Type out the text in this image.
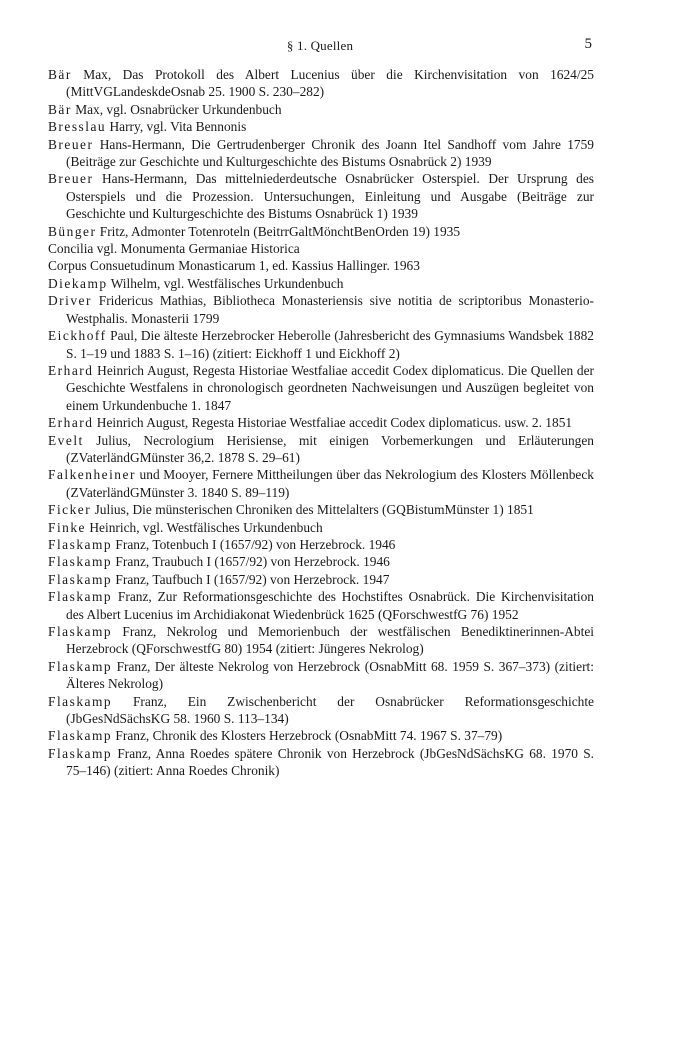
§ 1. Quellen	5

Bär Max, Das Protokoll des Albert Lucenius über die Kirchenvisitation von 1624/25 (MittVGLandeskdeOsnab 25. 1900 S. 230–282)

Bär Max, vgl. Osnabrücker Urkundenbuch

Bresslau Harry, vgl. Vita Bennonis

Breuer Hans-Hermann, Die Gertrudenberger Chronik des Joann Itel Sandhoff vom Jahre 1759 (Beiträge zur Geschichte und Kulturgeschichte des Bistums Osnabrück 2) 1939

Breuer Hans-Hermann, Das mittelniederdeutsche Osnabrücker Osterspiel. Der Ursprung des Osterspiels und die Prozession. Untersuchungen, Einleitung und Ausgabe (Beiträge zur Geschichte und Kulturgeschichte des Bistums Osnabrück 1) 1939

Bünger Fritz, Admonter Totenroteln (BeitrrGaltMönchtBenOrden 19) 1935

Concilia vgl. Monumenta Germaniae Historica

Corpus Consuetudinum Monasticarum 1, ed. Kassius Hallinger. 1963

Diekamp Wilhelm, vgl. Westfälisches Urkundenbuch

Driver Fridericus Mathias, Bibliotheca Monasteriensis sive notitia de scriptoribus Monasterio-Westphalis. Monasterii 1799

Eickhoff Paul, Die älteste Herzebrocker Heberolle (Jahresbericht des Gymnasiums Wandsbek 1882 S. 1–19 und 1883 S. 1–16) (zitiert: Eickhoff 1 und Eickhoff 2)

Erhard Heinrich August, Regesta Historiae Westfaliae accedit Codex diplomaticus. Die Quellen der Geschichte Westfalens in chronologisch geordneten Nachweisungen und Auszügen begleitet von einem Urkundenbuche 1. 1847

Erhard Heinrich August, Regesta Historiae Westfaliae accedit Codex diplomaticus. usw. 2. 1851

Evelt Julius, Necrologium Herisiense, mit einigen Vorbemerkungen und Erläuterungen (ZVaterländGMünster 36,2. 1878 S. 29–61)

Falkenheiner und Mooyer, Fernere Mittheilungen über das Nekrologium des Klosters Möllenbeck (ZVaterländGMünster 3. 1840 S. 89–119)

Ficker Julius, Die münsterischen Chroniken des Mittelalters (GQBistumMünster 1) 1851

Finke Heinrich, vgl. Westfälisches Urkundenbuch

Flaskamp Franz, Totenbuch I (1657/92) von Herzebrock. 1946

Flaskamp Franz, Traubuch I (1657/92) von Herzebrock. 1946

Flaskamp Franz, Taufbuch I (1657/92) von Herzebrock. 1947

Flaskamp Franz, Zur Reformationsgeschichte des Hochstiftes Osnabrück. Die Kirchenvisitation des Albert Lucenius im Archidiakonat Wiedenbrück 1625 (QForschwestfG 76) 1952

Flaskamp Franz, Nekrolog und Memorienbuch der westfälischen Benediktinerinnen-Abtei Herzebrock (QForschwestfG 80) 1954 (zitiert: Jüngeres Nekrolog)

Flaskamp Franz, Der älteste Nekrolog von Herzebrock (OsnabMitt 68. 1959 S. 367–373) (zitiert: Älteres Nekrolog)

Flaskamp Franz, Ein Zwischenbericht der Osnabrücker Reformationsgeschichte (JbGesNdSächsKG 58. 1960 S. 113–134)

Flaskamp Franz, Chronik des Klosters Herzebrock (OsnabMitt 74. 1967 S. 37–79)

Flaskamp Franz, Anna Roedes spätere Chronik von Herzebrock (JbGesNdSächsKG 68. 1970 S. 75–146) (zitiert: Anna Roedes Chronik)
